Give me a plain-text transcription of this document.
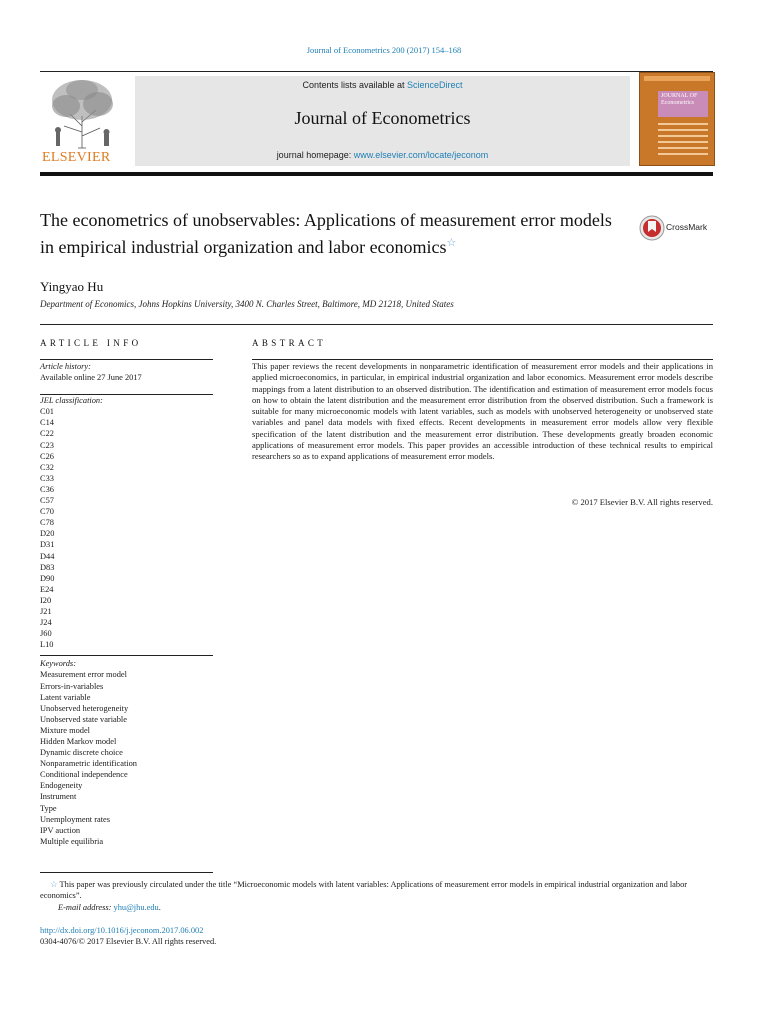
Journal of Econometrics 200 (2017) 154–168
ELSEVIER
Contents lists available at ScienceDirect
Journal of Econometrics
journal homepage: www.elsevier.com/locate/jeconom
JOURNAL OF
Econometrics
The econometrics of unobservables: Applications of measurement error models in empirical industrial organization and labor economics☆
CrossMark
Yingyao Hu
Department of Economics, Johns Hopkins University, 3400 N. Charles Street, Baltimore, MD 21218, United States
ARTICLE INFO	ABSTRACT
Article history:
Available online 27 June 2017
JEL classification:
C01
C14
C22
C23
C26
C32
C33
C36
C57
C70
C78
D20
D31
D44
D83
D90
E24
I20
J21
J24
J60
L10
Keywords:
Measurement error model
Errors-in-variables
Latent variable
Unobserved heterogeneity
Unobserved state variable
Mixture model
Hidden Markov model
Dynamic discrete choice
Nonparametric identification
Conditional independence
Endogeneity
Instrument
Type
Unemployment rates
IPV auction
Multiple equilibria
This paper reviews the recent developments in nonparametric identification of measurement error models and their applications in applied microeconomics, in particular, in empirical industrial organization and labor economics. Measurement error models describe mappings from a latent distribution to an observed distribution. The identification and estimation of measurement error models focus on how to obtain the latent distribution and the measurement error distribution from the observed distribution. Such a framework is suitable for many microeconomic models with latent variables, such as models with unobserved heterogeneity or unobserved state variables and panel data models with fixed effects. Recent developments in measurement error models allow very flexible specification of the latent distribution and the measurement error distribution. These developments greatly broaden economic applications of measurement error models. This paper provides an accessible introduction of these technical results to empirical researchers so as to expand applications of measurement error models.
© 2017 Elsevier B.V. All rights reserved.
☆ This paper was previously circulated under the title “Microeconomic models with latent variables: Applications of measurement error models in empirical industrial organization and labor economics”.
E-mail address: yhu@jhu.edu.
http://dx.doi.org/10.1016/j.jeconom.2017.06.002
0304-4076/© 2017 Elsevier B.V. All rights reserved.
